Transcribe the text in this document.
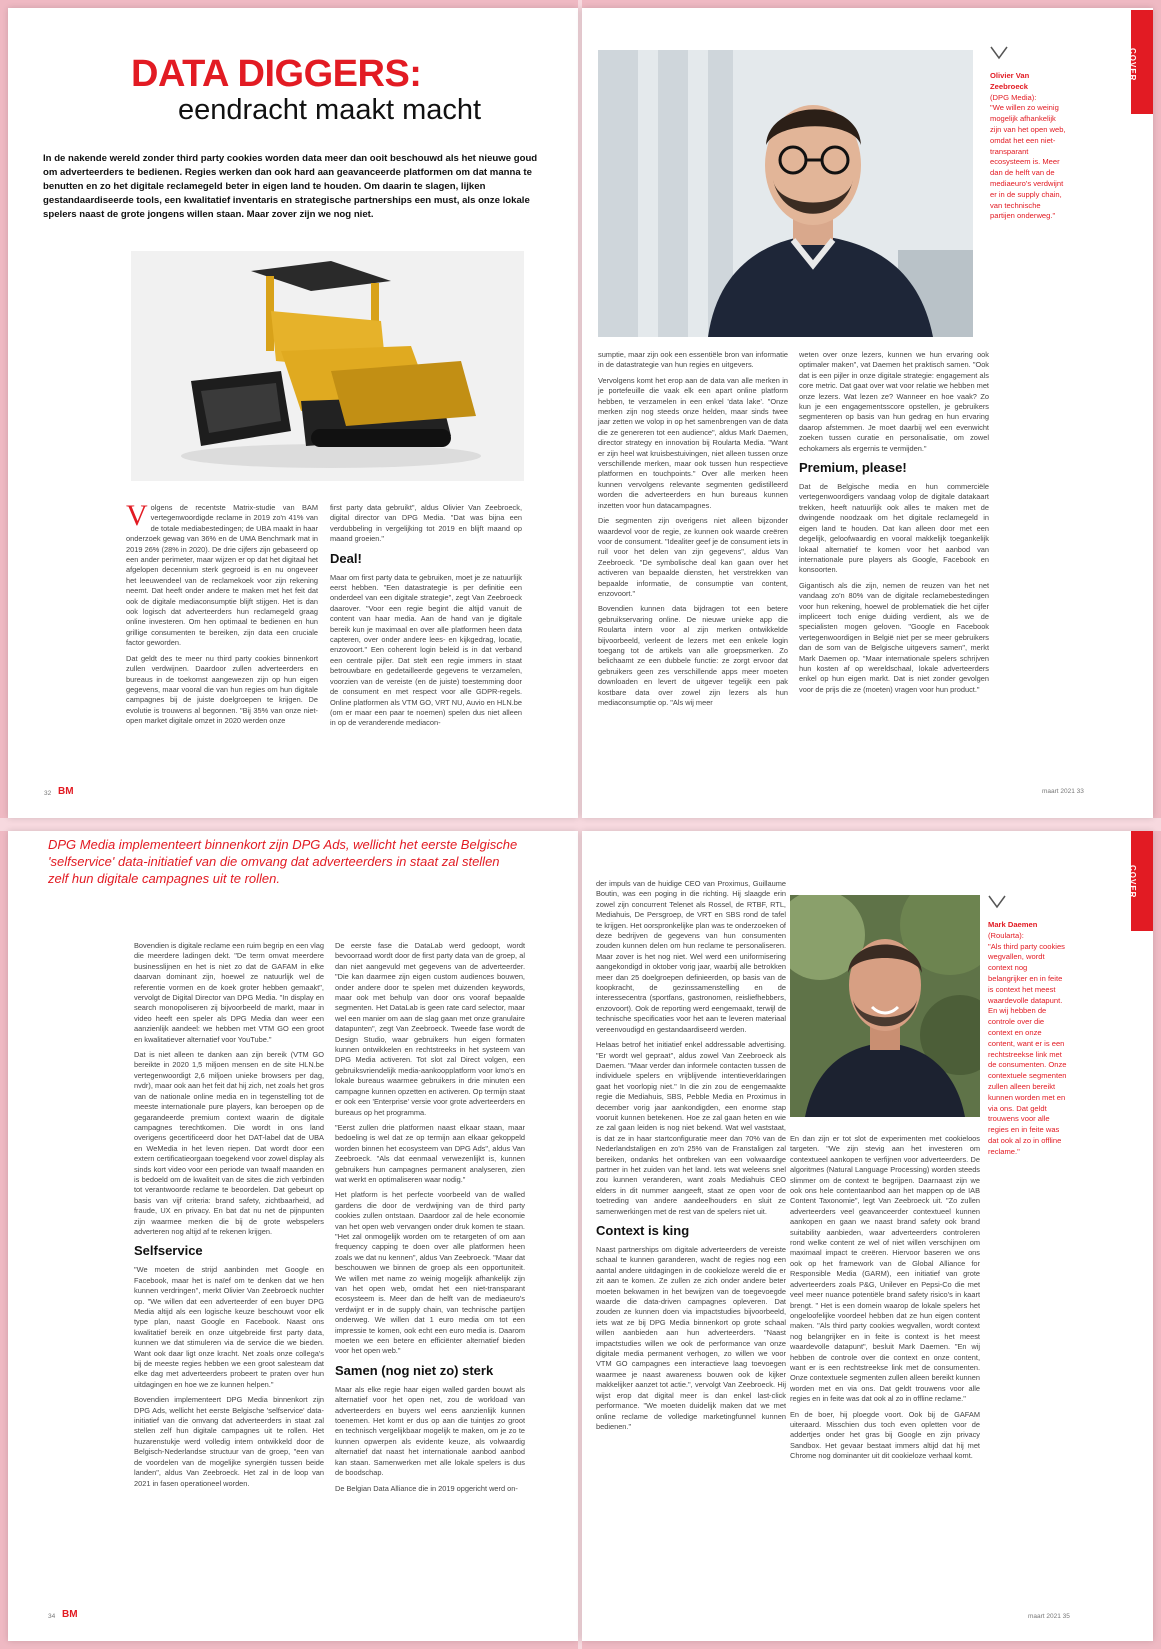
DATA DIGGERS:
eendracht maakt macht
In de nakende wereld zonder third party cookies worden data meer dan ooit beschouwd als het nieuwe goud om adverteerders te bedienen. Regies werken dan ook hard aan geavanceerde platformen om dat manna te benutten en zo het digitale reclamegeld beter in eigen land te houden. Om daarin te slagen, lijken gestandaardiseerde tools, een kwalitatief inventaris en strategische partnerships een must, als onze lokale spelers naast de grote jongens willen staan. Maar zover zijn we nog niet.

Volgens de recentste Matrix-studie van BAM vertegenwoordigde reclame in 2019 zo'n 41% van de totale mediabestedingen; de UBA maakt in haar onderzoek gewag van 36% en de UMA Benchmark mat in 2019 26% (28% in 2020). De drie cijfers zijn gebaseerd op een ander perimeter, maar wijzen er op dat het digitaal het afgelopen decennium sterk gegroeid is en nu ongeveer het leeuwendeel van de reclamekoek voor zijn rekening neemt. Dat heeft onder andere te maken met het feit dat ook de digitale mediaconsumptie blijft stijgen. Het is dan ook logisch dat adverteerders hun reclamegeld graag online investeren. Om hen optimaal te bedienen en hun grillige consumenten te bereiken, zijn data een cruciale factor geworden.

Dat geldt des te meer nu third party cookies binnenkort zullen verdwijnen. Daardoor zullen adverteerders en bureaus in de toekomst aangewezen zijn op hun eigen gegevens, maar vooral die van hun regies om hun digitale campagnes bij de juiste doelgroepen te krijgen. De evolutie is trouwens al begonnen. "Bij 35% van onze niet-open market digitale omzet in 2020 werden onze

first party data gebruikt", aldus Olivier Van Zeebroeck, digital director van DPG Media. "Dat was bijna een verdubbeling in vergelijking tot 2019 en blijft maand op maand groeien."

Deal!

Maar om first party data te gebruiken, moet je ze natuurlijk eerst hebben. "Een datastrategie is per definitie een onderdeel van een digitale strategie", zegt Van Zeebroeck daarover. "Voor een regie begint die altijd vanuit de content van haar media. Aan de hand van je digitale bereik kun je maximaal en over alle platformen heen data capteren, over onder andere lees- en kijkgedrag, locatie, enzovoort." Een coherent login beleid is in dat verband een centrale pijler. Dat stelt een regie immers in staat betrouwbare en gedetailleerde gegevens te verzamelen, voorzien van de vereiste (en de juiste) toestemming door de consument en met respect voor alle GDPR-regels. Online platformen als VTM GO, VRT NU, Auvio en HLN.be (om er maar een paar te noemen) spelen dus niet alleen in op de veranderende mediacon-

32 BM
COVER
Olivier Van Zeebroeck
(DPG Media):
"We willen zo weinig mogelijk afhankelijk zijn van het open web, omdat het een niet-transparant ecosysteem is. Meer dan de helft van de mediaeuro's verdwijnt er in de supply chain, van technische partijen onderweg."

sumptie, maar zijn ook een essentiële bron van informatie in de datastrategie van hun regies en uitgevers.

Vervolgens komt het erop aan de data van alle merken in je portefeuille die vaak elk een apart online platform hebben, te verzamelen in een enkel 'data lake'. "Onze merken zijn nog steeds onze helden, maar sinds twee jaar zetten we volop in op het samenbrengen van de data die ze genereren tot een audience", aldus Mark Daemen, director strategy en innovation bij Roularta Media. "Want er zijn heel wat kruisbestuivingen, niet alleen tussen onze verschillende merken, maar ook tussen hun respectieve platformen en touchpoints." Over alle merken heen kunnen vervolgens relevante segmenten gedistilleerd worden die adverteerders en hun bureaus kunnen inzetten voor hun datacampagnes.

Die segmenten zijn overigens niet alleen bijzonder waardevol voor de regie, ze kunnen ook waarde creëren voor de consument. "Idealiter geef je de consument iets in ruil voor het delen van zijn gegevens", aldus Van Zeebroeck. "De symbolische deal kan gaan over het activeren van bepaalde diensten, het verstrekken van bepaalde informatie, de consumptie van content, enzovoort."

Bovendien kunnen data bijdragen tot een betere gebruikservaring online. De nieuwe unieke app die Roularta intern voor al zijn merken ontwikkelde bijvoorbeeld, verleent de lezers met een enkele login toegang tot de artikels van alle groepsmerken. Zo belichaamt ze een dubbele functie: ze zorgt ervoor dat gebruikers geen zes verschillende apps meer moeten downloaden en levert de uitgever tegelijk een pak kostbare data over zowel zijn lezers als hun mediaconsumptie op. "Als wij meer

weten over onze lezers, kunnen we hun ervaring ook optimaler maken", vat Daemen het praktisch samen. "Ook dat is een pijler in onze digitale strategie: engagement als core metric. Dat gaat over wat voor relatie we hebben met onze lezers. Wat lezen ze? Wanneer en hoe vaak? Zo kun je een engagementsscore opstellen, je gebruikers segmenteren op basis van hun gedrag en hun ervaring daarop afstemmen. Je moet daarbij wel een evenwicht zoeken tussen curatie en personalisatie, om zowel echokamers als ergernis te vermijden."

Premium, please!

Dat de Belgische media en hun commerciële vertegenwoordigers vandaag volop de digitale datakaart trekken, heeft natuurlijk ook alles te maken met de dwingende noodzaak om het digitale reclamegeld in eigen land te houden. Dat kan alleen door met een degelijk, geloofwaardig en vooral makkelijk toegankelijk lokaal alternatief te komen voor het aanbod van internationale pure players als Google, Facebook en konsoorten.

Gigantisch als die zijn, nemen de reuzen van het net vandaag zo'n 80% van de digitale reclamebestedingen voor hun rekening, hoewel de problematiek die het cijfer impliceert toch enige duiding verdient, als we de specialisten mogen geloven. "Google en Facebook vertegenwoordigen in België niet per se meer gebruikers dan de som van de Belgische uitgevers samen", merkt Mark Daemen op. "Maar internationale spelers schrijven hun kosten af op wereldschaal, lokale adverteerders enkel op hun eigen markt. Dat is niet zonder gevolgen voor de prijs die ze (moeten) vragen voor hun product."

maart 2021 33
DPG Media implementeert binnenkort zijn DPG Ads, wellicht het eerste Belgische 'selfservice' data-initiatief van die omvang dat adverteerders in staat zal stellen zelf hun digitale campagnes uit te rollen.

Bovendien is digitale reclame een ruim begrip en een vlag die meerdere ladingen dekt. "De term omvat meerdere businesslijnen en het is niet zo dat de GAFAM in elke daarvan dominant zijn, hoewel ze natuurlijk wel de referentie vormen en de koek groter hebben gemaakt", vervolgt de Digital Director van DPG Media. "In display en search monopoliseren zij bijvoorbeeld de markt, maar in video heeft een speler als DPG Media dan weer een aanzienlijk aandeel: we hebben met VTM GO een groot en kwalitatiever alternatief voor YouTube."

Dat is niet alleen te danken aan zijn bereik (VTM GO bereikte in 2020 1,5 miljoen mensen en de site HLN.be vertegenwoordigt 2,6 miljoen unieke browsers per dag, nvdr), maar ook aan het feit dat hij zich, net zoals het gros van de nationale online media en in tegenstelling tot de meeste internationale pure players, kan beroepen op de gegarandeerde premium context waarin de digitale campagnes terechtkomen. Die wordt in ons land overigens gecertificeerd door het DAT-label dat de UBA en WeMedia in het leven riepen. Dat wordt door een extern certificatieorgaan toegekend voor zowel display als sinds kort video voor een periode van twaalf maanden en is bedoeld om de kwaliteit van de sites die zich verbinden tot verantwoorde reclame te beoordelen. Dat gebeurt op basis van vijf criteria: brand safety, zichtbaarheid, ad fraude, UX en privacy. En bat dat nu net de pijnpunten zijn waarmee merken die bij de grote webspelers adverteren nog altijd af te rekenen krijgen.

Selfservice

"We moeten de strijd aanbinden met Google en Facebook, maar het is naïef om te denken dat we hen kunnen verdringen", merkt Olivier Van Zeebroeck nuchter op. "We willen dat een adverteerder of een buyer DPG Media altijd als een logische keuze beschouwt voor elk type plan, naast Google en Facebook. Naast ons kwalitatief bereik en onze uitgebreide first party data, kunnen we dat stimuleren via de service die we bieden. Want ook daar ligt onze kracht. Net zoals onze collega's bij de meeste regies hebben we een groot salesteam dat elke dag met adverteerders probeert te praten over hun uitdagingen en hoe we ze kunnen helpen."

Bovendien implementeert DPG Media binnenkort zijn DPG Ads, wellicht het eerste Belgische 'selfservice' data-initiatief van die omvang dat adverteerders in staat zal stellen zelf hun digitale campagnes uit te rollen. Het huzarenstukje werd volledig intern ontwikkeld door de Belgisch-Nederlandse structuur van de groep, "een van de voordelen van de mogelijke synergiën tussen beide landen", aldus Van Zeebroeck. Het zal in de loop van 2021 in fasen operationeel worden.

De eerste fase die DataLab werd gedoopt, wordt bevoorraad wordt door de first party data van de groep, al dan niet aangevuld met gegevens van de adverteerder. "Die kan daarmee zijn eigen custom audiences bouwen, onder andere door te spelen met duizenden keywords, maar ook met behulp van door ons vooraf bepaalde segmenten. Het DataLab is geen rate card selector, maar wel een manier om aan de slag gaan met onze granulaire datapunten", zegt Van Zeebroeck. Tweede fase wordt de Design Studio, waar gebruikers hun eigen formaten kunnen ontwikkelen en rechtstreeks in het systeem van DPG Media activeren. Tot slot zal Direct volgen, een gebruiksvriendelijk media-aankoopplatform voor kmo's en lokale bureaus waarmee gebruikers in drie minuten een campagne kunnen opzetten en activeren. Op termijn staat er ook een 'Enterprise' versie voor grote adverteerders en bureaus op het programma.

"Eerst zullen drie platformen naast elkaar staan, maar bedoeling is wel dat ze op termijn aan elkaar gekoppeld worden binnen het ecosysteem van DPG Ads", aldus Van Zeebroeck. "Als dat eenmaal verwezenlijkt is, kunnen gebruikers hun campagnes permanent analyseren, zien wat werkt en optimaliseren waar nodig."

Het platform is het perfecte voorbeeld van de walled gardens die door de verdwijning van de third party cookies zullen ontstaan. Daardoor zal de hele economie van het open web vervangen onder druk komen te staan. "Het zal onmogelijk worden om te retargeten of om aan frequency capping te doen over alle platformen heen zoals we dat nu kennen", aldus Van Zeebroeck. "Maar dat beschouwen we binnen de groep als een opportuniteit. We willen met name zo weinig mogelijk afhankelijk zijn van het open web, omdat het een niet-transparant ecosysteem is. Meer dan de helft van de mediaeuro's verdwijnt er in de supply chain, van technische partijen onderweg. We willen dat 1 euro media om tot een impressie te komen, ook echt een euro media is. Daarom moeten we een betere en efficiënter alternatief bieden voor het open web."

Samen (nog niet zo) sterk

Maar als elke regie haar eigen walled garden bouwt als alternatief voor het open net, zou de workload van adverteerders en buyers wel eens aanzienlijk kunnen toenemen. Het komt er dus op aan die tuintjes zo groot en technisch vergelijkbaar mogelijk te maken, om je zo te kunnen opwerpen als evidente keuze, als volwaardig alternatief dat naast het internationale aanbod aanbod kan staan. Samenwerken met alle lokale spelers is dus de boodschap.

De Belgian Data Alliance die in 2019 opgericht werd on-

34 BM
COVER
Mark Daemen
(Roularta):
"Als third party cookies wegvallen, wordt context nog belangrijker en in feite is context het meest waardevolle datapunt. En wij hebben de controle over die context en onze content, want er is een rechtstreekse link met de consumenten. Onze contextuele segmenten zullen alleen bereikt kunnen worden met en via ons. Dat geldt trouwens voor alle regies en in feite was dat ook al zo in offline reclame."

der impuls van de huidige CEO van Proximus, Guillaume Boutin, was een poging in die richting. Hij slaagde erin zowel zijn concurrent Telenet als Rossel, de RTBF, RTL, Mediahuis, De Persgroep, de VRT en SBS rond de tafel te krijgen. Het oorspronkelijke plan was te onderzoeken of deze bedrijven de gegevens van hun consumenten zouden kunnen delen om hun reclame te personaliseren. Maar zover is het nog niet. Wel werd een uniformisering aangekondigd in oktober vorig jaar, waarbij alle betrokken meer dan 25 doelgroepen definieerden, op basis van de koopkracht, de gezinssamenstelling en de interessecentra (sportfans, gastronomen, reisliefhebbers, enzovoort). Ook de reporting werd eengemaakt, terwijl de technische specificaties voor het aan te leveren materiaal vereenvoudigd en gestandaardiseerd werden.

Helaas betrof het initiatief enkel addressable advertising. "Er wordt wel gepraat", aldus zowel Van Zeebroeck als Daemen. "Maar verder dan informele contacten tussen de individuele spelers en vrijblijvende intentieverklaringen gaat het voorlopig niet." In die zin zou de eengemaakte regie die Mediahuis, SBS, Pebble Media en Proximus in december vorig jaar aankondigden, een enorme stap vooruit kunnen betekenen. Hoe ze zal gaan heten en wie ze zal gaan leiden is nog niet bekend. Wat wel vaststaat, is dat ze in haar startconfiguratie meer dan 70% van de Nederlandstaligen en zo'n 25% van de Franstaligen zal bereiken, ondanks het ontbreken van een volwaardige partner in het zuiden van het land. Iets wat weleens snel zou kunnen veranderen, want zoals Mediahuis CEO elders in dit nummer aangeeft, staat ze open voor de toetreding van andere aandeelhouders en sluit ze samenwerkingen met de rest van de spelers niet uit.

Context is king

Naast partnerships om digitale adverteerders de vereiste schaal te kunnen garanderen, wacht de regies nog een aantal andere uitdagingen in de cookieloze wereld die er zit aan te komen. Ze zullen ze zich onder andere beter moeten bekwamen in het bewijzen van de toegevoegde waarde die data-driven campagnes opleveren. Dat zouden ze kunnen doen via impactstudies bijvoorbeeld, iets wat ze bij DPG Media binnenkort op grote schaal willen aanbieden aan hun adverteerders. "Naast impactstudies willen we ook de performance van onze digitale media permanent verhogen, zo willen we voor VTM GO campagnes een interactieve laag toevoegen waarmee je naast awareness bouwen ook de kijker makkelijker aanzet tot actie.", vervolgt Van Zeebroeck. Hij wijst erop dat digital meer is dan enkel last-click performance. "We moeten duidelijk maken dat we met online reclame de volledige marketingfunnel kunnen bedienen."

En dan zijn er tot slot de experimenten met cookieloos targeten. "We zijn stevig aan het investeren om contextueel aankopen te verfijnen voor adverteerders. De algoritmes (Natural Language Processing) worden steeds slimmer om de context te begrijpen. Daarnaast zijn we ook ons hele contentaanbod aan het mappen op de IAB Content Taxonomie", legt Van Zeebroeck uit. "Zo zullen adverteerders veel geavanceerder contextueel kunnen aankopen en gaan we naast brand safety ook brand suitability aanbieden, waar adverteerders controleren rond welke content ze wel of niet willen verschijnen om maximaal impact te creëren. Hiervoor baseren we ons ook op het framework van de Global Alliance for Responsible Media (GARM), een initiatief van grote adverteerders zoals P&G, Unilever en Pepsi-Co die met veel meer nuance potentiële brand safety risico's in kaart brengt. " Het is een domein waarop de lokale spelers het ongeloofelijke voordeel hebben dat ze hun eigen content maken. "Als third party cookies wegvallen, wordt context nog belangrijker en in feite is context is het meest waardevolle datapunt", besluit Mark Daemen. "En wij hebben de controle over die context en onze content, want er is een rechtstreekse link met de consumenten. Onze contextuele segmenten zullen alleen bereikt kunnen worden met en via ons. Dat geldt trouwens voor alle regies en in feite was dat ook al zo in offline reclame."

En de boer, hij ploegde voort. Ook bij de GAFAM uiteraard. Misschien dus toch even opletten voor de addertjes onder het gras bij Google en zijn privacy Sandbox. Het gevaar bestaat immers altijd dat hij met Chrome nog dominanter uit dit cookieloze verhaal komt.

maart 2021 35
